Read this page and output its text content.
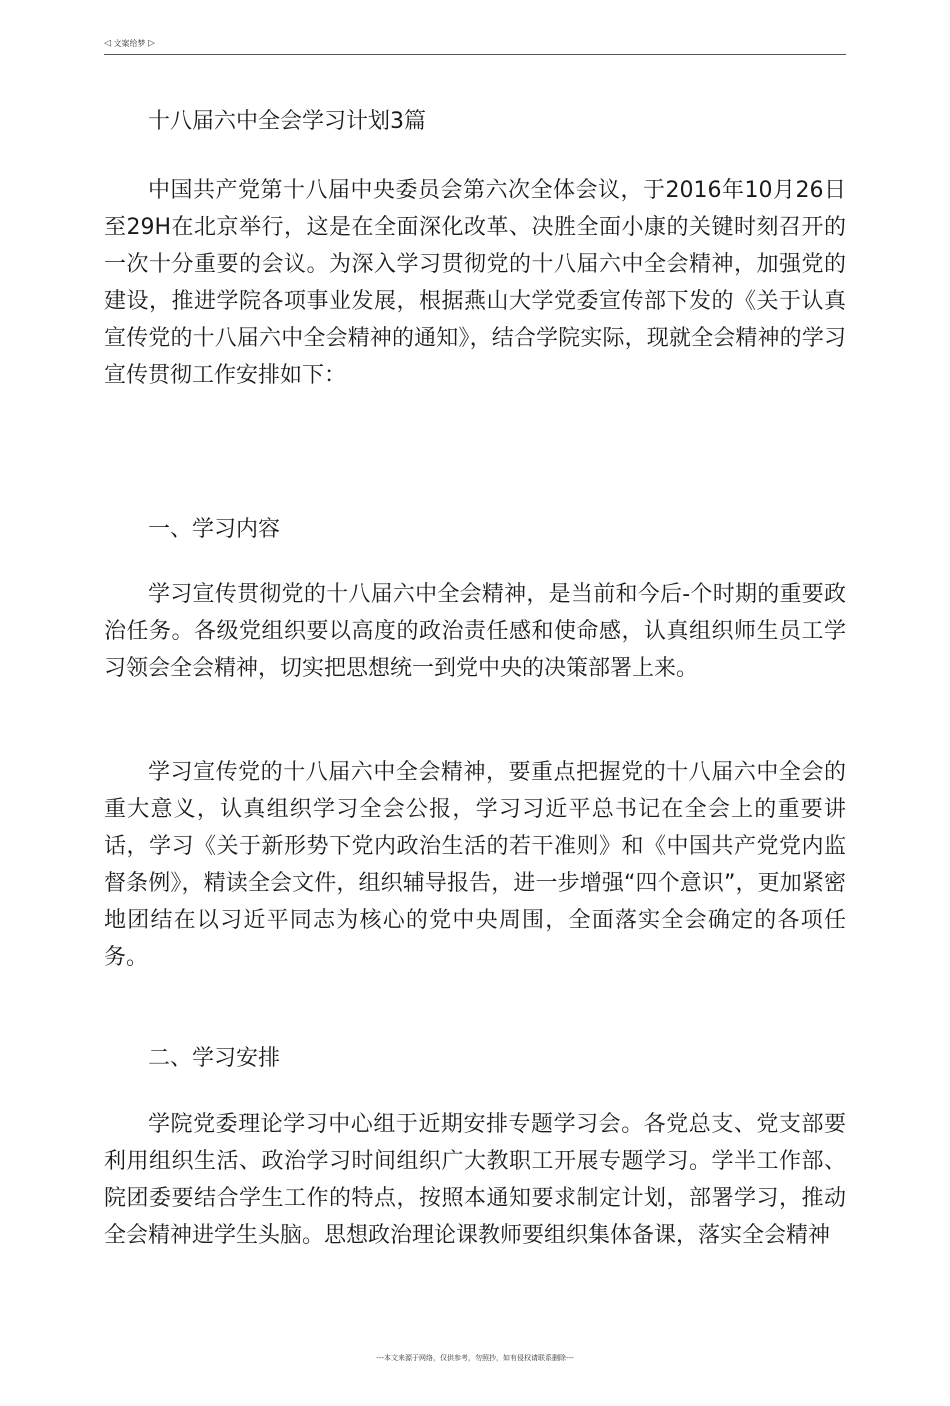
◁ 文案给梦 ▷

十八届六中全会学习计划3篇

中国共产党第十八届中央委员会第六次全体会议，于2016年10月26日至29H在北京举行，这是在全面深化改革、决胜全面小康的关键时刻召开的一次十分重要的会议。为深入学习贯彻党的十八届六中全会精神，加强党的建设，推进学院各项事业发展，根据燕山大学党委宣传部下发的《关于认真宣传党的十八届六中全会精神的通知》，结合学院实际，现就全会精神的学习宣传贯彻工作安排如下：

一、学习内容

学习宣传贯彻党的十八届六中全会精神，是当前和今后-个时期的重要政治任务。各级党组织要以高度的政治责任感和使命感，认真组织师生员工学习领会全会精神，切实把思想统一到党中央的决策部署上来。

学习宣传党的十八届六中全会精神，要重点把握党的十八届六中全会的重大意义，认真组织学习全会公报，学习习近平总书记在全会上的重要讲话，学习《关于新形势下党内政治生活的若干准则》和《中国共产党党内监督条例》，精读全会文件，组织辅导报告，进一步增强“四个意识”，更加紧密地团结在以习近平同志为核心的党中央周围，全面落实全会确定的各项任务。

二、学习安排

学院党委理论学习中心组于近期安排专题学习会。各党总支、党支部要利用组织生活、政治学习时间组织广大教职工开展专题学习。学半工作部、院团委要结合学生工作的特点，按照本通知要求制定计划，部署学习，推动全会精神进学生头脑。思想政治理论课教师要组织集体备课，落实全会精神

---本文来源于网络，仅供参考，勿照抄，如有侵权请联系删除---
